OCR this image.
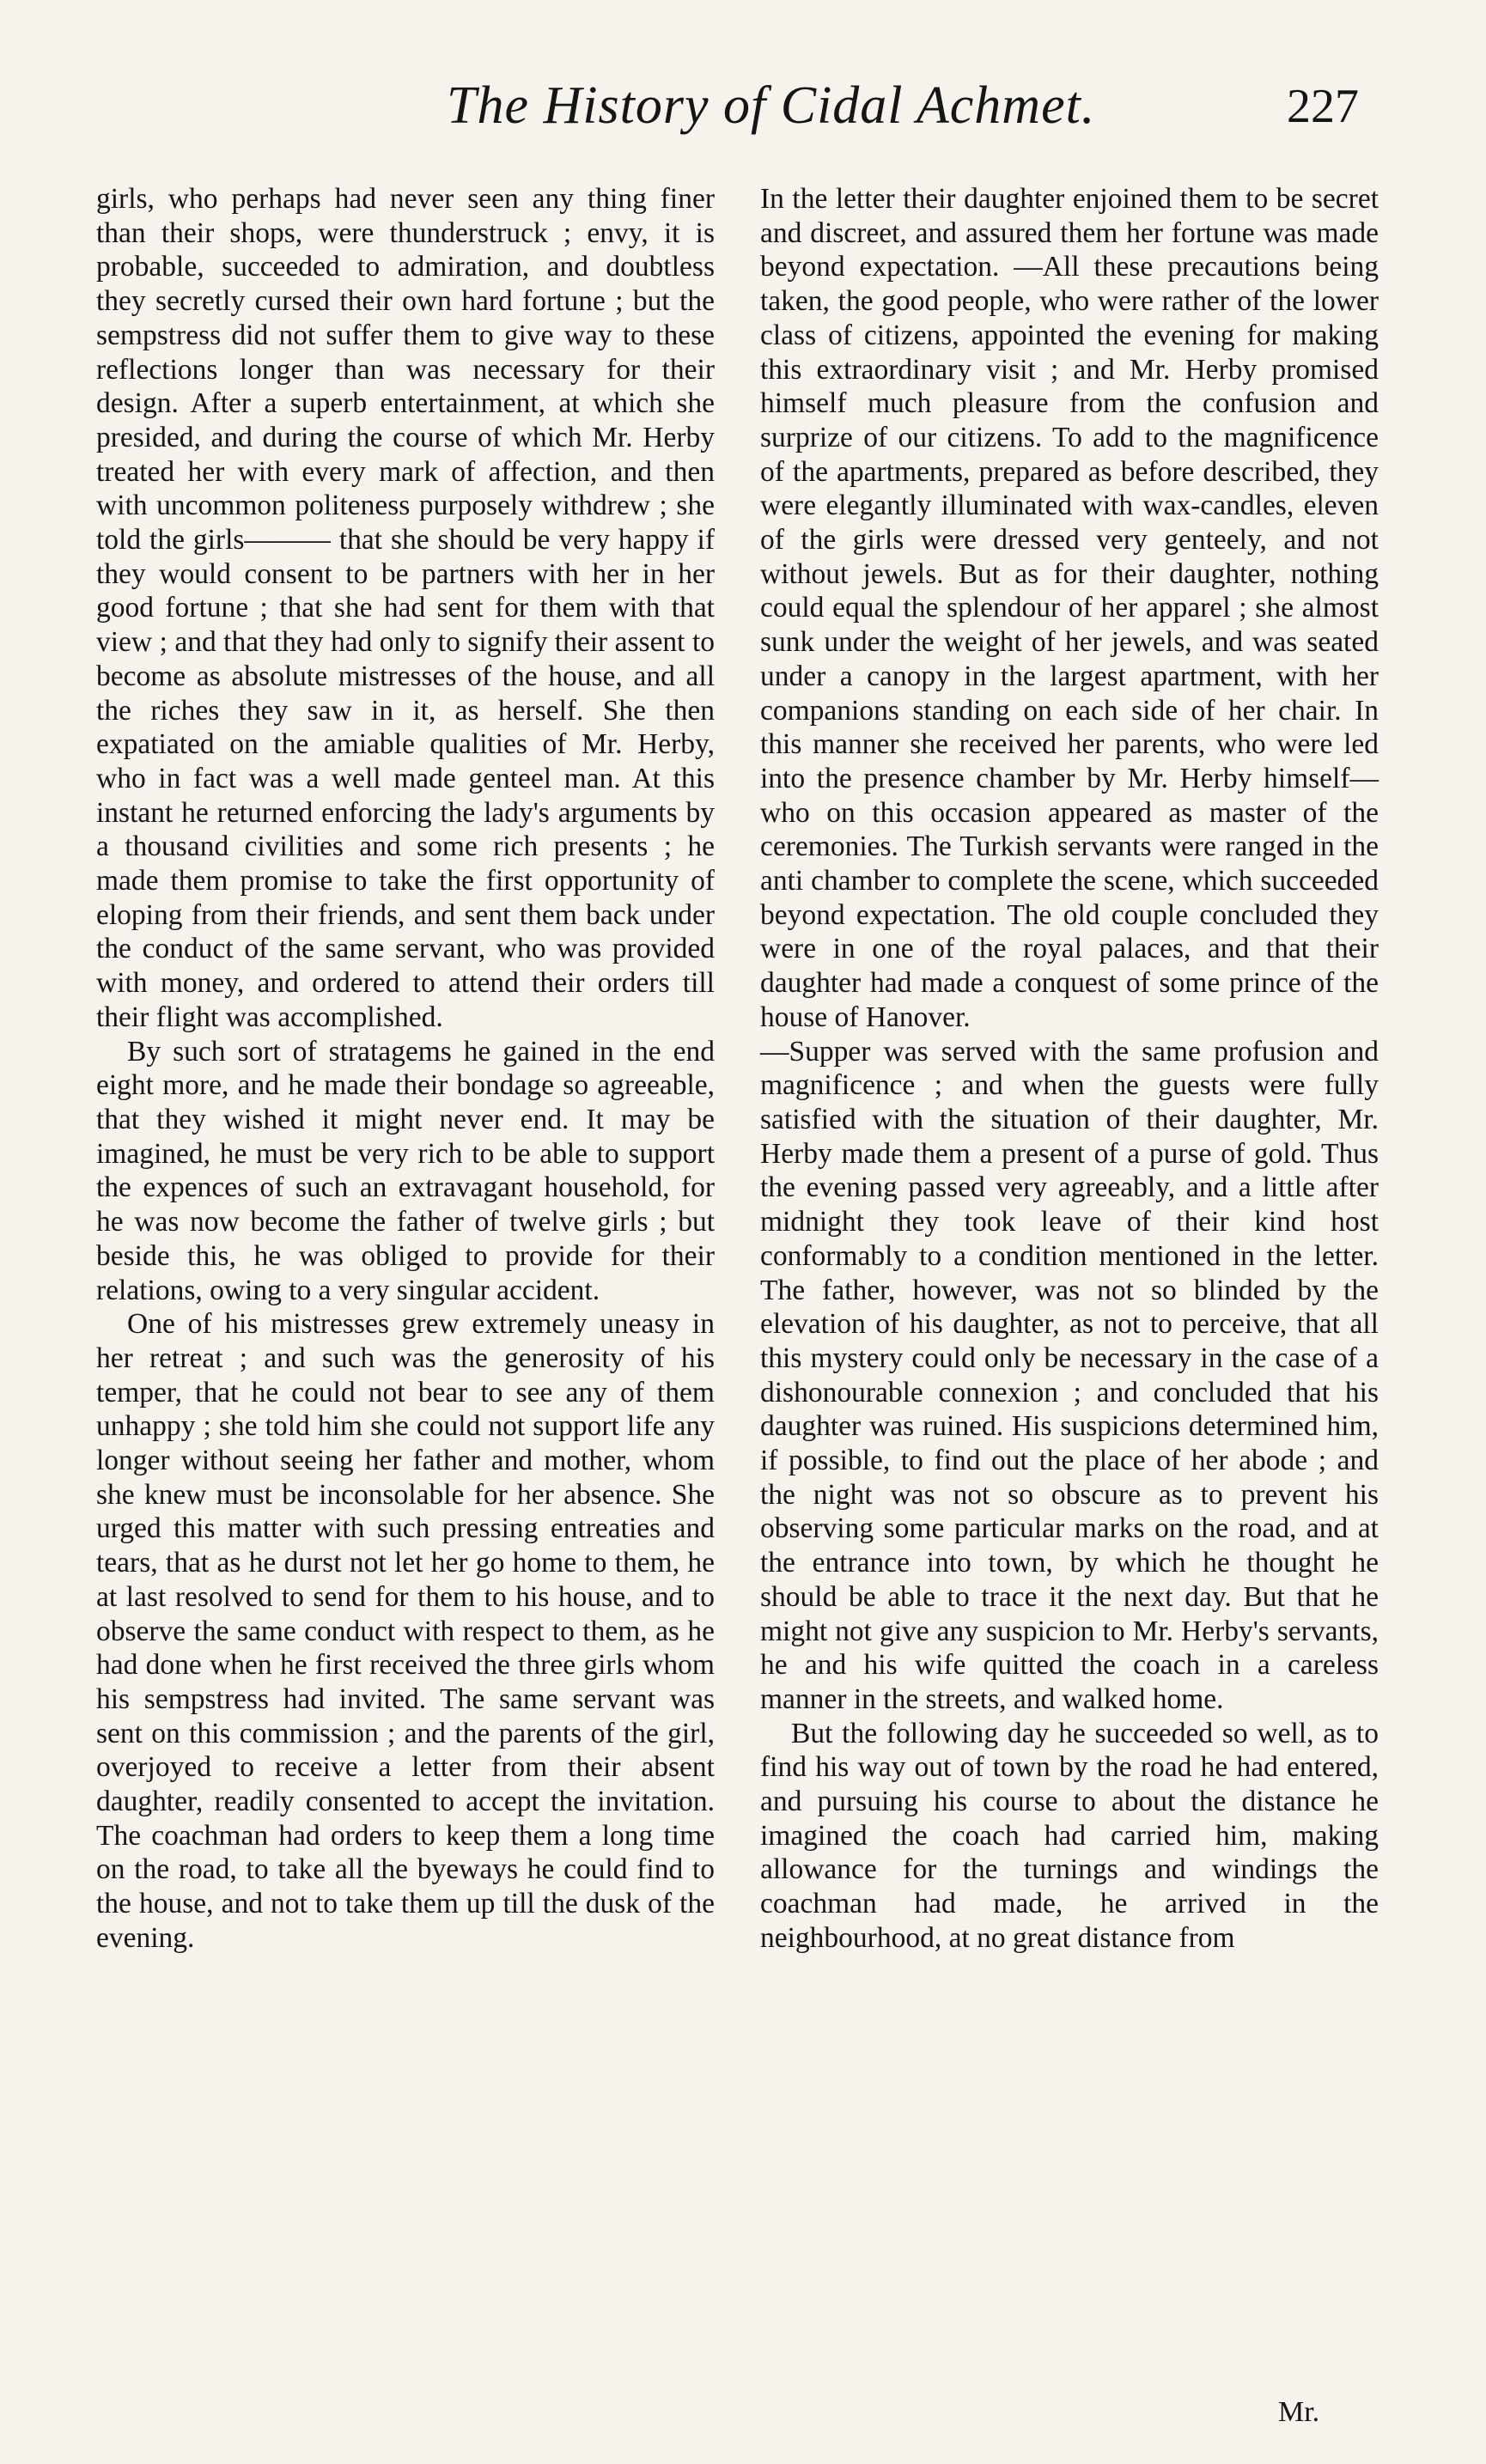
The History of Cidal Achmet.	227

girls, who perhaps had never seen any thing finer than their shops, were thunderstruck ; envy, it is probable, succeeded to admiration, and doubtless they secretly cursed their own hard fortune ; but the sempstress did not suffer them to give way to these reflections longer than was necessary for their design. After a superb entertainment, at which she presided, and during the course of which Mr. Herby treated her with every mark of affection, and then with uncommon politeness purposely withdrew ; she told the girls——— that she should be very happy if they would consent to be partners with her in her good fortune ; that she had sent for them with that view ; and that they had only to signify their assent to become as absolute mistresses of the house, and all the riches they saw in it, as herself. She then expatiated on the amiable qualities of Mr. Herby, who in fact was a well made genteel man. At this instant he returned enforcing the lady's arguments by a thousand civilities and some rich presents ; he made them promise to take the first opportunity of eloping from their friends, and sent them back under the conduct of the same servant, who was provided with money, and ordered to attend their orders till their flight was accomplished.

By such sort of stratagems he gained in the end eight more, and he made their bondage so agreeable, that they wished it might never end. It may be imagined, he must be very rich to be able to support the expences of such an extravagant household, for he was now become the father of twelve girls ; but beside this, he was obliged to provide for their relations, owing to a very singular accident.

One of his mistresses grew extremely uneasy in her retreat ; and such was the generosity of his temper, that he could not bear to see any of them unhappy ; she told him she could not support life any longer without seeing her father and mother, whom she knew must be inconsolable for her absence. She urged this matter with such pressing entreaties and tears, that as he durst not let her go home to them, he at last resolved to send for them to his house, and to observe the same conduct with respect to them, as he had done when he first received the three girls whom his sempstress had invited. The same servant was sent on this commission ; and the parents of the girl, overjoyed to receive a letter from their absent daughter, readily consented to accept the invitation. The coachman had orders to keep them a long time on the road, to take all the byeways he could find to the house, and not to take them up till the dusk of the evening.

In the letter their daughter enjoined them to be secret and discreet, and assured them her fortune was made beyond expectation. —All these precautions being taken, the good people, who were rather of the lower class of citizens, appointed the evening for making this extraordinary visit ; and Mr. Herby promised himself much pleasure from the confusion and surprize of our citizens. To add to the magnificence of the apartments, prepared as before described, they were elegantly illuminated with wax-candles, eleven of the girls were dressed very genteely, and not without jewels. But as for their daughter, nothing could equal the splendour of her apparel ; she almost sunk under the weight of her jewels, and was seated under a canopy in the largest apartment, with her companions standing on each side of her chair. In this manner she received her parents, who were led into the presence chamber by Mr. Herby himself—who on this occasion appeared as master of the ceremonies. The Turkish servants were ranged in the anti chamber to complete the scene, which succeeded beyond expectation. The old couple concluded they were in one of the royal palaces, and that their daughter had made a conquest of some prince of the house of Hanover.

—Supper was served with the same profusion and magnificence ; and when the guests were fully satisfied with the situation of their daughter, Mr. Herby made them a present of a purse of gold. Thus the evening passed very agreeably, and a little after midnight they took leave of their kind host conformably to a condition mentioned in the letter. The father, however, was not so blinded by the elevation of his daughter, as not to perceive, that all this mystery could only be necessary in the case of a dishonourable connexion ; and concluded that his daughter was ruined. His suspicions determined him, if possible, to find out the place of her abode ; and the night was not so obscure as to prevent his observing some particular marks on the road, and at the entrance into town, by which he thought he should be able to trace it the next day. But that he might not give any suspicion to Mr. Herby's servants, he and his wife quitted the coach in a careless manner in the streets, and walked home.

But the following day he succeeded so well, as to find his way out of town by the road he had entered, and pursuing his course to about the distance he imagined the coach had carried him, making allowance for the turnings and windings the coachman had made, he arrived in the neighbourhood, at no great distance from

Mr.
